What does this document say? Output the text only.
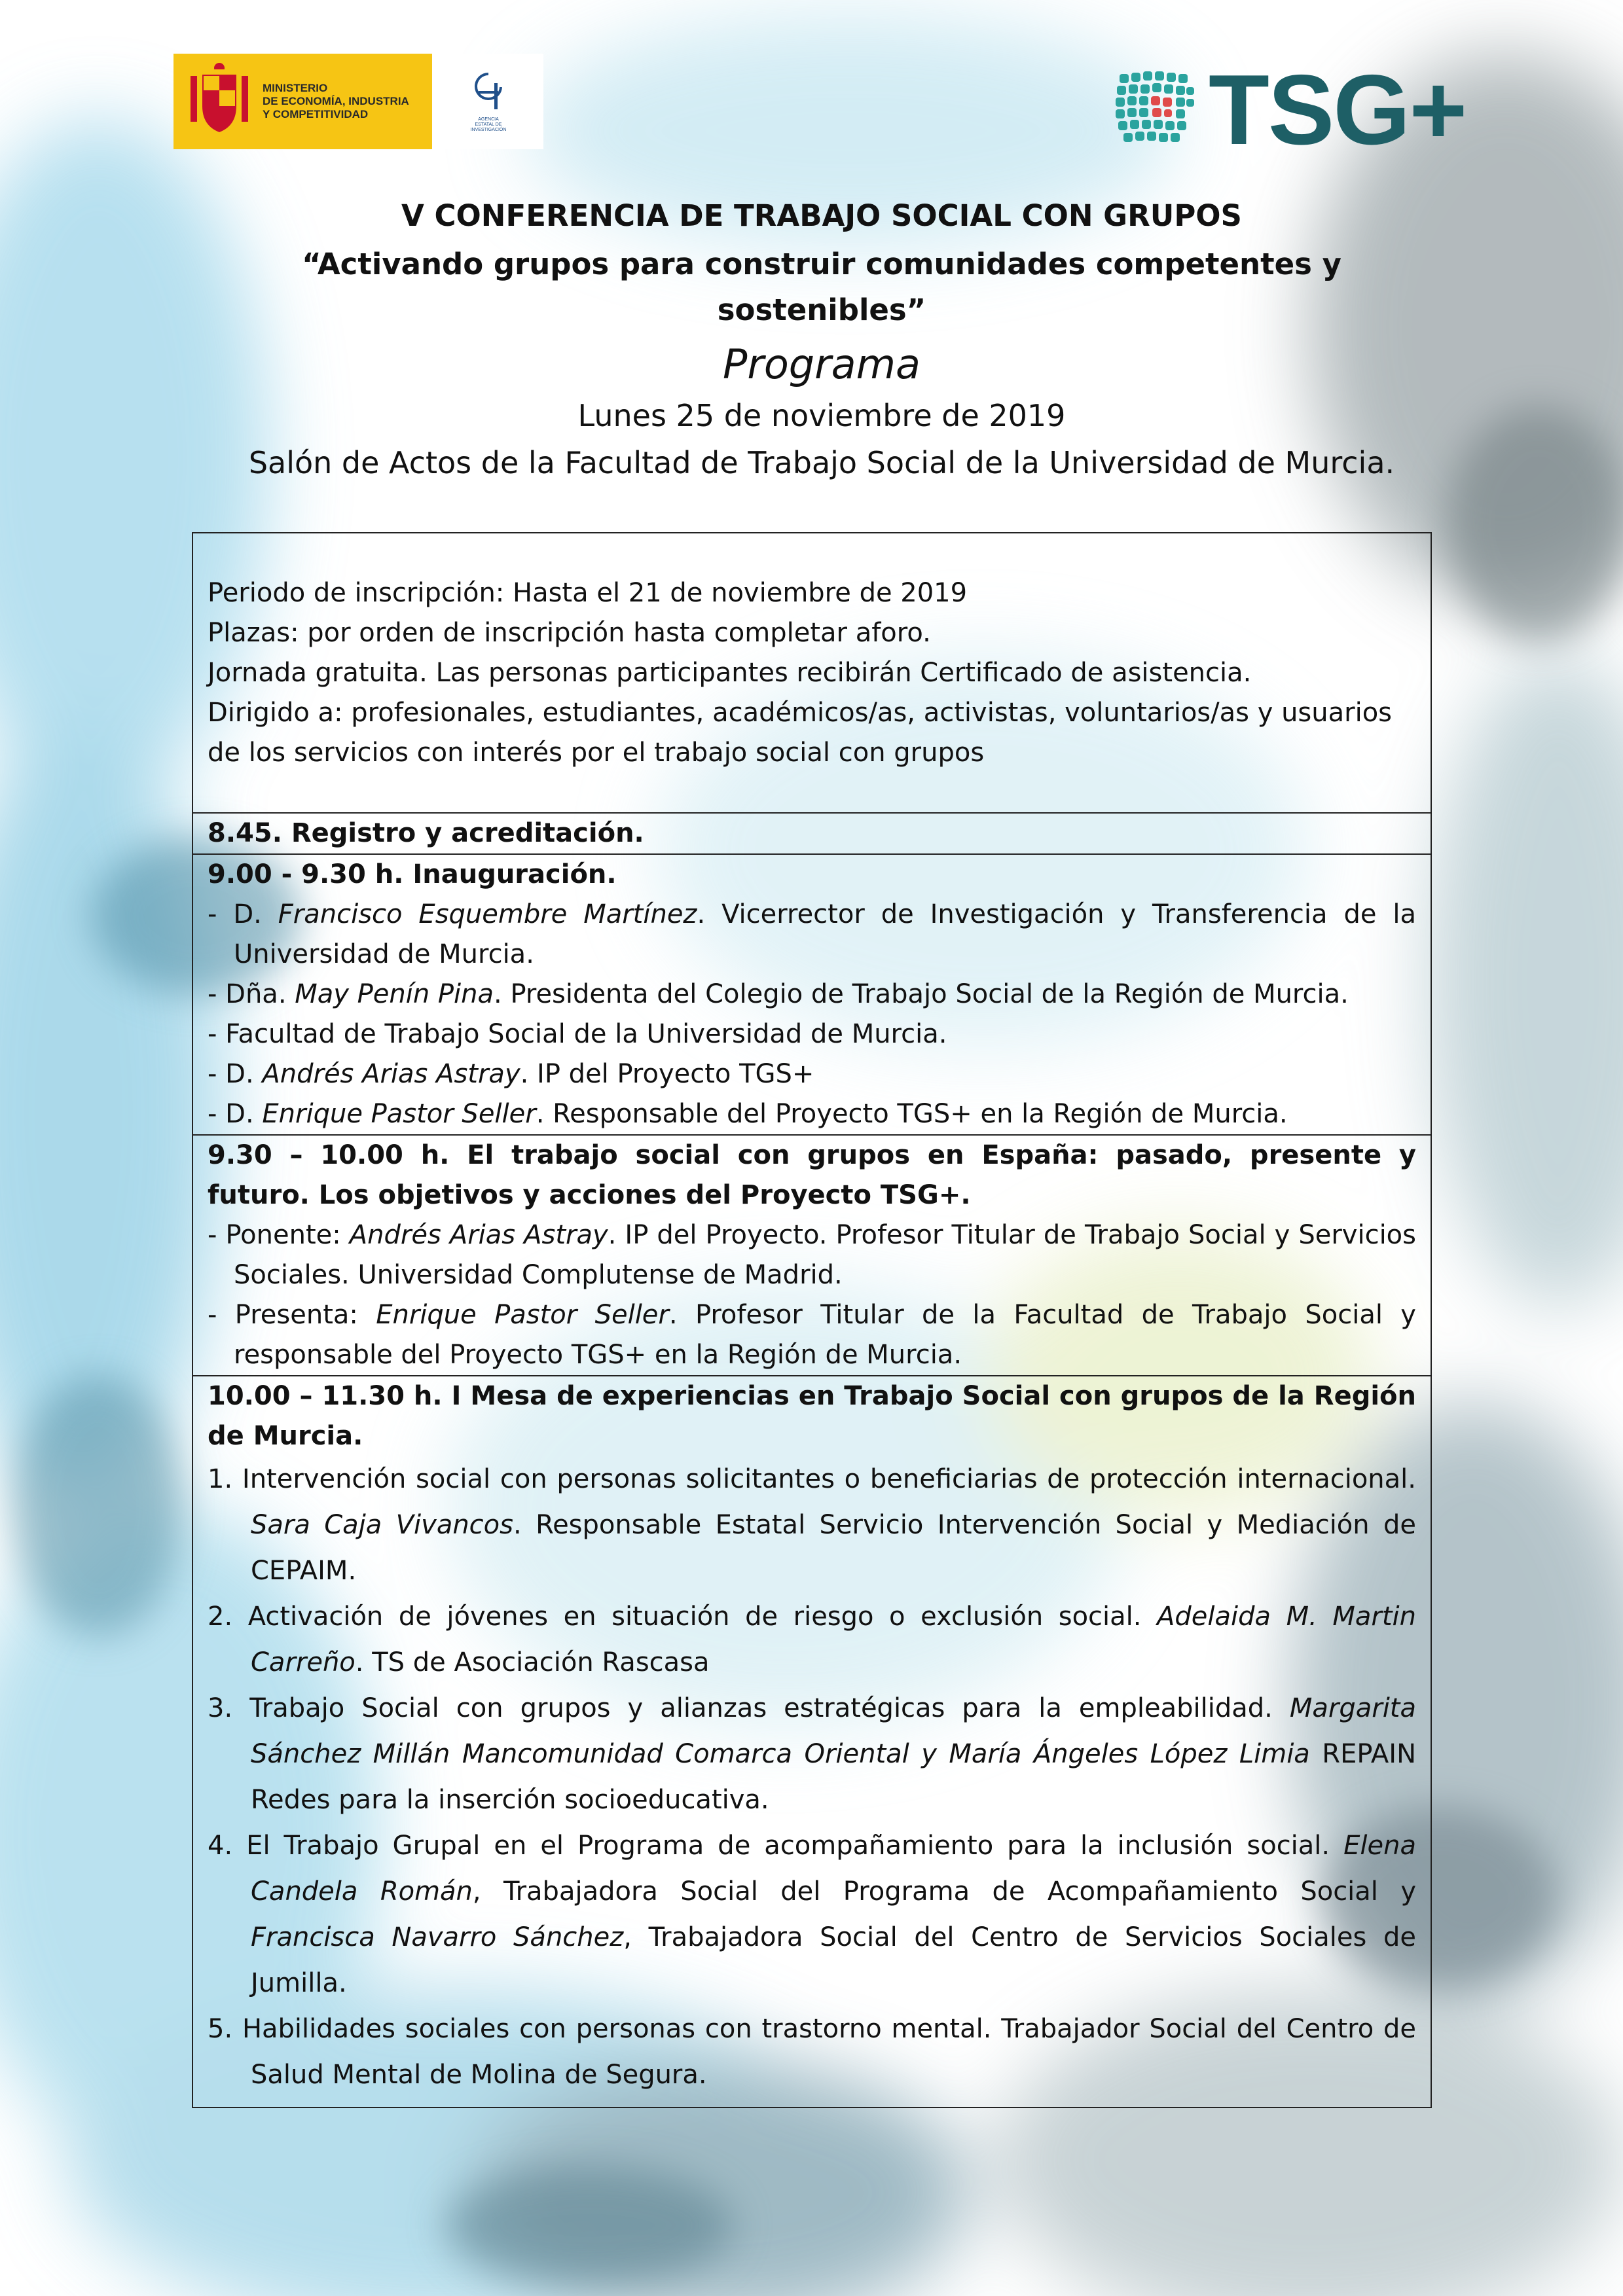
MINISTERIO
DE ECONOMÍA, INDUSTRIA
Y COMPETITIVIDAD	AGENCIA
ESTATAL DE
INVESTIGACIÓN	TSG+
V CONFERENCIA DE TRABAJO SOCIAL CON GRUPOS
“Activando grupos para construir comunidades competentes y
sostenibles”
Programa
Lunes 25 de noviembre de 2019
Salón de Actos de la Facultad de Trabajo Social de la Universidad de Murcia.
Periodo de inscripción: Hasta el 21 de noviembre de 2019
Plazas: por orden de inscripción hasta completar aforo.
Jornada gratuita. Las personas participantes recibirán Certificado de asistencia.
Dirigido a: profesionales, estudiantes, académicos/as, activistas, voluntarios/as y usuarios de los servicios con interés por el trabajo social con grupos
8.45. Registro y acreditación.
9.00 - 9.30 h. Inauguración.
- D. Francisco Esquembre Martínez. Vicerrector de Investigación y Transferencia de la Universidad de Murcia.
- Dña. May Penín Pina. Presidenta del Colegio de Trabajo Social de la Región de Murcia.
- Facultad de Trabajo Social de la Universidad de Murcia.
- D. Andrés Arias Astray. IP del Proyecto TGS+
- D. Enrique Pastor Seller. Responsable del Proyecto TGS+ en la Región de Murcia.
9.30 – 10.00 h. El trabajo social con grupos en España: pasado, presente y futuro. Los objetivos y acciones del Proyecto TSG+.
- Ponente: Andrés Arias Astray. IP del Proyecto. Profesor Titular de Trabajo Social y Servicios Sociales. Universidad Complutense de Madrid.
- Presenta: Enrique Pastor Seller. Profesor Titular de la Facultad de Trabajo Social y responsable del Proyecto TGS+ en la Región de Murcia.
10.00 – 11.30 h. I Mesa de experiencias en Trabajo Social con grupos de la Región de Murcia.
1. Intervención social con personas solicitantes o beneficiarias de protección internacional. Sara Caja Vivancos. Responsable Estatal Servicio Intervención Social y Mediación de CEPAIM.
2. Activación de jóvenes en situación de riesgo o exclusión social. Adelaida M. Martin Carreño. TS de Asociación Rascasa
3. Trabajo Social con grupos y alianzas estratégicas para la empleabilidad. Margarita Sánchez Millán Mancomunidad Comarca Oriental y María Ángeles López Limia REPAIN Redes para la inserción socioeducativa.
4. El Trabajo Grupal en el Programa de acompañamiento para la inclusión social. Elena Candela Román, Trabajadora Social del Programa de Acompañamiento Social y Francisca Navarro Sánchez, Trabajadora Social del Centro de Servicios Sociales de Jumilla.
5. Habilidades sociales con personas con trastorno mental. Trabajador Social del Centro de Salud Mental de Molina de Segura.
